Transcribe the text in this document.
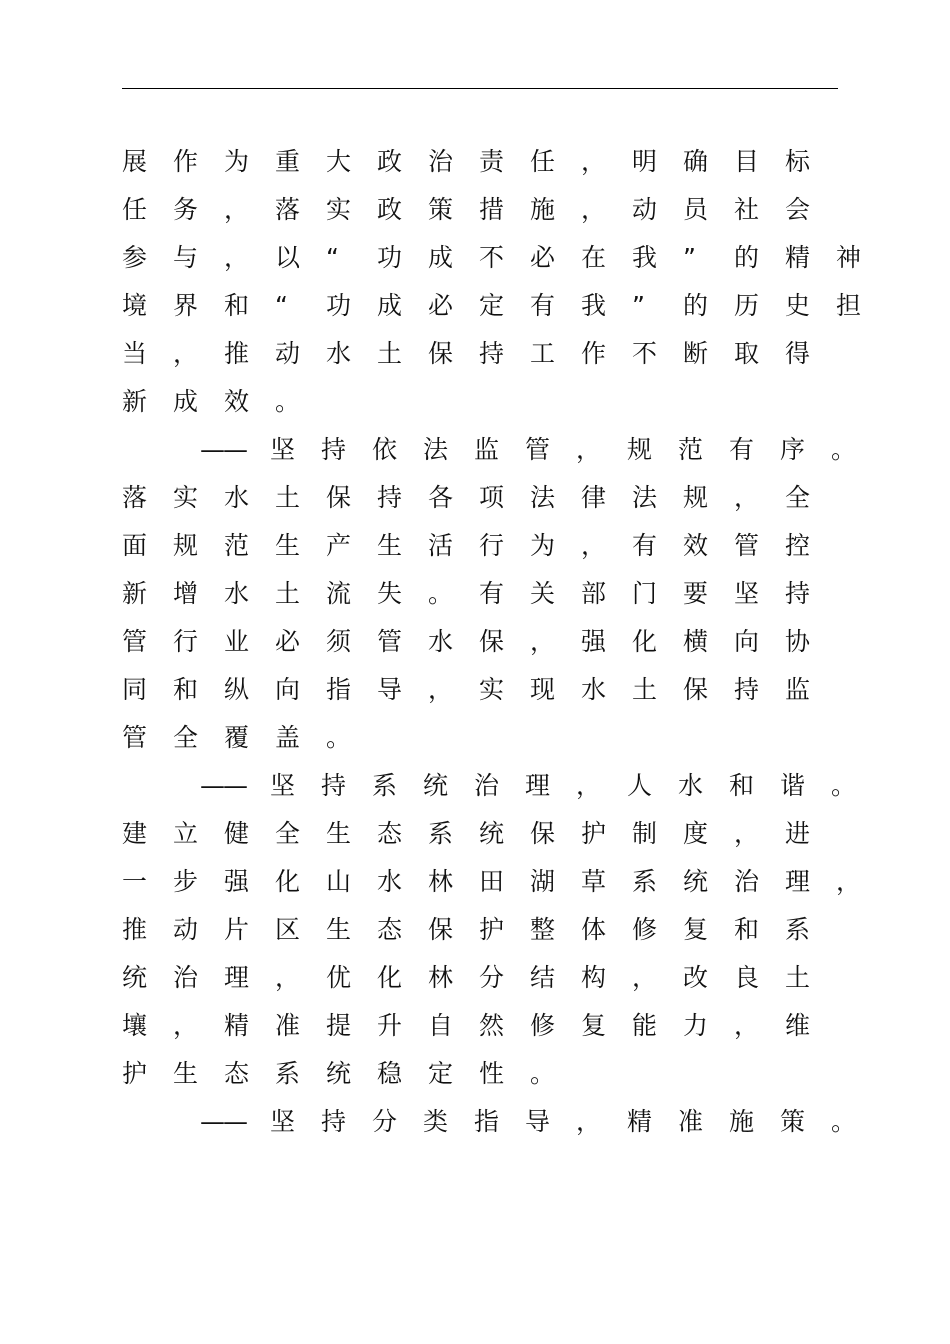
展	作	为	重	大	政	治	责	任	，	明	确	目	标
任	务	，	落	实	政	策	措	施	，	动	员	社	会
参	与	，	以	“	功	成	不	必	在	我	”	的	精	神
境	界	和	“	功	成	必	定	有	我	”	的	历	史	担
当	，	推	动	水	土	保	持	工	作	不	断	取	得
新	成	效	。
—— 坚	持	依	法	监	管	，	规	范	有	序	。
落	实	水	土	保	持	各	项	法	律	法	规	，	全
面	规	范	生	产	生	活	行	为	，	有	效	管	控
新	增	水	土	流	失	。	有	关	部	门	要	坚	持
管	行	业	必	须	管	水	保	，	强	化	横	向	协
同	和	纵	向	指	导	，	实	现	水	土	保	持	监
管	全	覆	盖	。
—— 坚	持	系	统	治	理	，	人	水	和	谐	。
建	立	健	全	生	态	系	统	保	护	制	度	，	进
一	步	强	化	山	水	林	田	湖	草	系	统	治	理	，
推	动	片	区	生	态	保	护	整	体	修	复	和	系
统	治	理	，	优	化	林	分	结	构	，	改	良	土
壤	，	精	准	提	升	自	然	修	复	能	力	，	维
护	生	态	系	统	稳	定	性	。
—— 坚	持	分	类	指	导	，	精	准	施	策	。
